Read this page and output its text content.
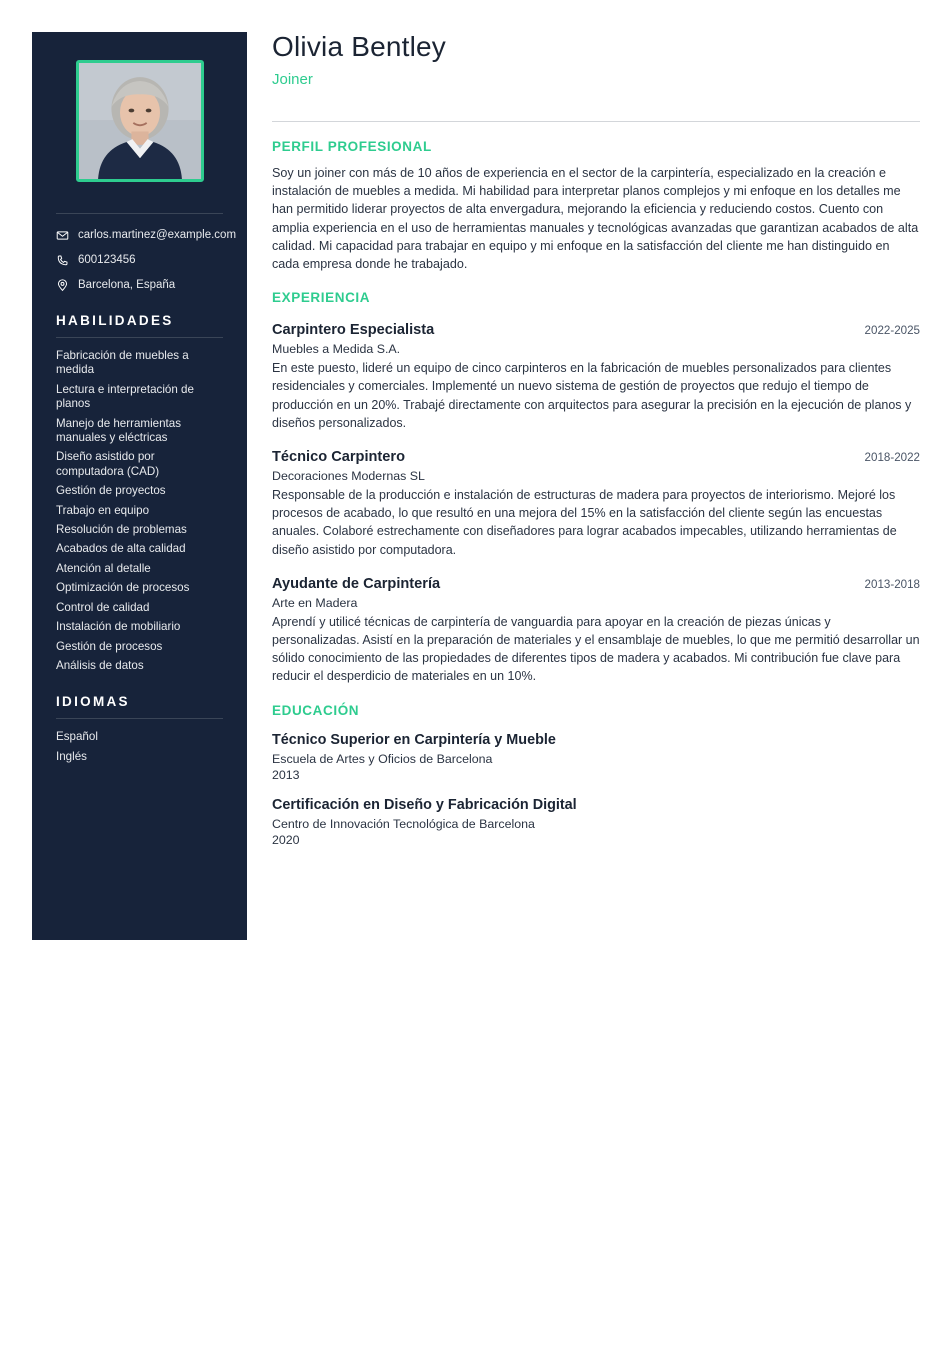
carlos.martinez@example.com
600123456
Barcelona, España
HABILIDADES
Fabricación de muebles a medida
Lectura e interpretación de planos
Manejo de herramientas manuales y eléctricas
Diseño asistido por computadora (CAD)
Gestión de proyectos
Trabajo en equipo
Resolución de problemas
Acabados de alta calidad
Atención al detalle
Optimización de procesos
Control de calidad
Instalación de mobiliario
Gestión de procesos
Análisis de datos
IDIOMAS
Español
Inglés
Olivia Bentley
Joiner
PERFIL PROFESIONAL

Soy un joiner con más de 10 años de experiencia en el sector de la carpintería, especializado en la creación e instalación de muebles a medida. Mi habilidad para interpretar planos complejos y mi enfoque en los detalles me han permitido liderar proyectos de alta envergadura, mejorando la eficiencia y reduciendo costos. Cuento con amplia experiencia en el uso de herramientas manuales y tecnológicas avanzadas que garantizan acabados de alta calidad. Mi capacidad para trabajar en equipo y mi enfoque en la satisfacción del cliente me han distinguido en cada empresa donde he trabajado.

EXPERIENCIA
Carpintero Especialista	2022-2025
Muebles a Medida S.A.
En este puesto, lideré un equipo de cinco carpinteros en la fabricación de muebles personalizados para clientes residenciales y comerciales. Implementé un nuevo sistema de gestión de proyectos que redujo el tiempo de producción en un 20%. Trabajé directamente con arquitectos para asegurar la precisión en la ejecución de planos y diseños personalizados.
Técnico Carpintero	2018-2022
Decoraciones Modernas SL
Responsable de la producción e instalación de estructuras de madera para proyectos de interiorismo. Mejoré los procesos de acabado, lo que resultó en una mejora del 15% en la satisfacción del cliente según las encuestas anuales. Colaboré estrechamente con diseñadores para lograr acabados impecables, utilizando herramientas de diseño asistido por computadora.
Ayudante de Carpintería	2013-2018
Arte en Madera
Aprendí y utilicé técnicas de carpintería de vanguardia para apoyar en la creación de piezas únicas y personalizadas. Asistí en la preparación de materiales y el ensamblaje de muebles, lo que me permitió desarrollar un sólido conocimiento de las propiedades de diferentes tipos de madera y acabados. Mi contribución fue clave para reducir el desperdicio de materiales en un 10%.
EDUCACIÓN
Técnico Superior en Carpintería y Mueble
Escuela de Artes y Oficios de Barcelona
2013
Certificación en Diseño y Fabricación Digital
Centro de Innovación Tecnológica de Barcelona
2020
